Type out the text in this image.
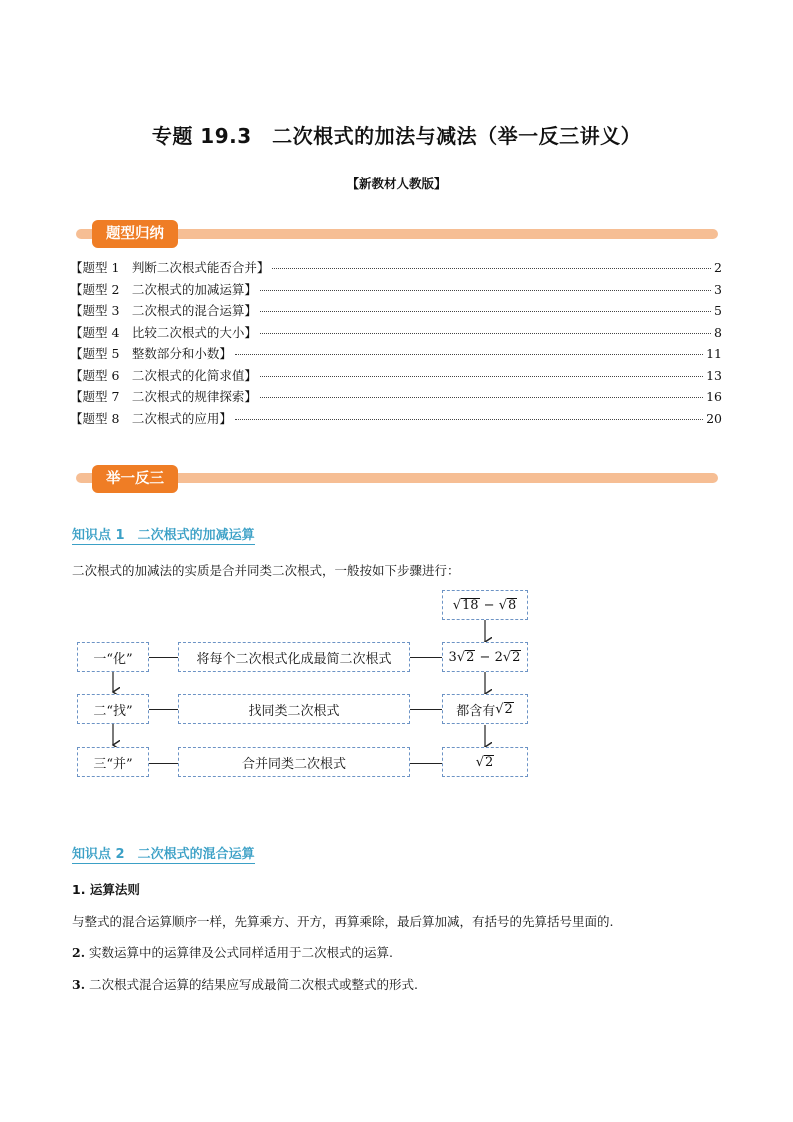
专题 19.3　二次根式的加法与减法（举一反三讲义）
【新教材人教版】
题型归纳
【题型 1　判断二次根式能否合并】	2
【题型 2　二次根式的加减运算】	3
【题型 3　二次根式的混合运算】	5
【题型 4　比较二次根式的大小】	8
【题型 5　整数部分和小数】	11
【题型 6　二次根式的化简求值】	13
【题型 7　二次根式的规律探索】	16
【题型 8　二次根式的应用】	20
举一反三
知识点 1　二次根式的加减运算
二次根式的加减法的实质是合并同类二次根式，一般按如下步骤进行：
一“化”
二“找”
三“并”
将每个二次根式化成最简二次根式
找同类二次根式
合并同类二次根式
√ 18 − √ 8
3 √ 2 − 2 √ 2
都含有 √ 2
√ 2
知识点 2　二次根式的混合运算
1. 运算法则
与整式的混合运算顺序一样，先算乘方、开方，再算乘除，最后算加减，有括号的先算括号里面的.
2. 实数运算中的运算律及公式同样适用于二次根式的运算.
3. 二次根式混合运算的结果应写成最简二次根式或整式的形式.
